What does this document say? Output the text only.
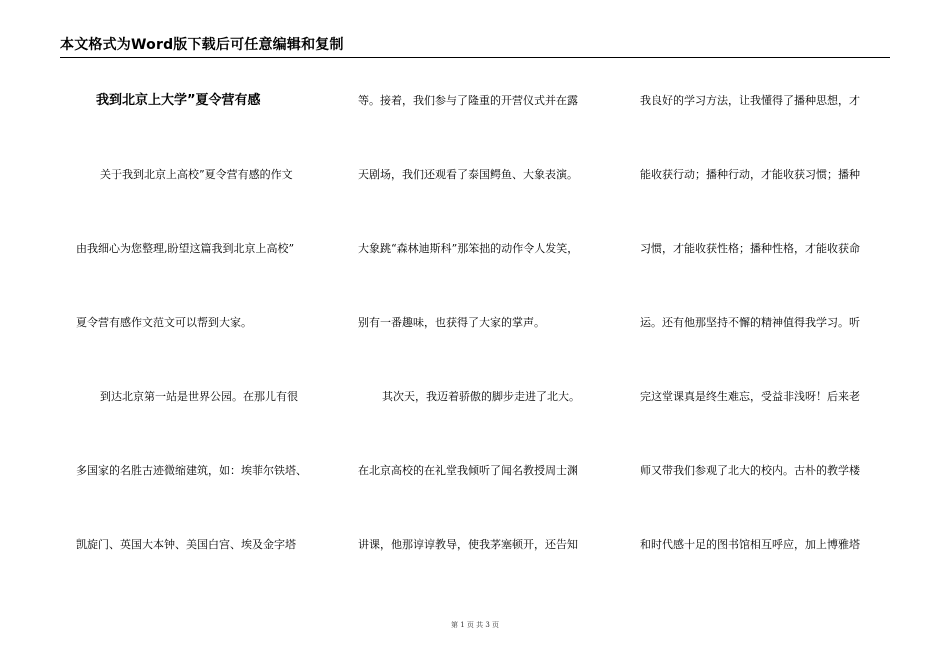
本文格式为Word版下载后可任意编辑和复制
我到北京上大学”夏令营有感
关于我到北京上高校”夏令营有感的作文
由我细心为您整理,盼望这篇我到北京上高校”
夏令营有感作文范文可以帮到大家。
到达北京第一站是世界公园。在那儿有很
多国家的名胜古迹微缩建筑，如：埃菲尔铁塔、
凯旋门、英国大本钟、美国白宫、埃及金字塔
等。接着，我们参与了隆重的开营仪式并在露
天剧场，我们还观看了泰国鳄鱼、大象表演。
大象跳“森林迪斯科”那笨拙的动作令人发笑，
别有一番趣味，也获得了大家的掌声。
其次天，我迈着骄傲的脚步走进了北大。
在北京高校的在礼堂我倾听了闻名教授周士渊
讲课，他那谆谆教导，使我茅塞顿开，还告知
我良好的学习方法，让我懂得了播种思想，才
能收获行动；播种行动，才能收获习惯；播种
习惯，才能收获性格；播种性格，才能收获命
运。还有他那坚持不懈的精神值得我学习。听
完这堂课真是终生难忘，受益非浅呀！后来老
师又带我们参观了北大的校内。古朴的教学楼
和时代感十足的图书馆相互呼应，加上博雅塔
第 1 页 共 3 页
